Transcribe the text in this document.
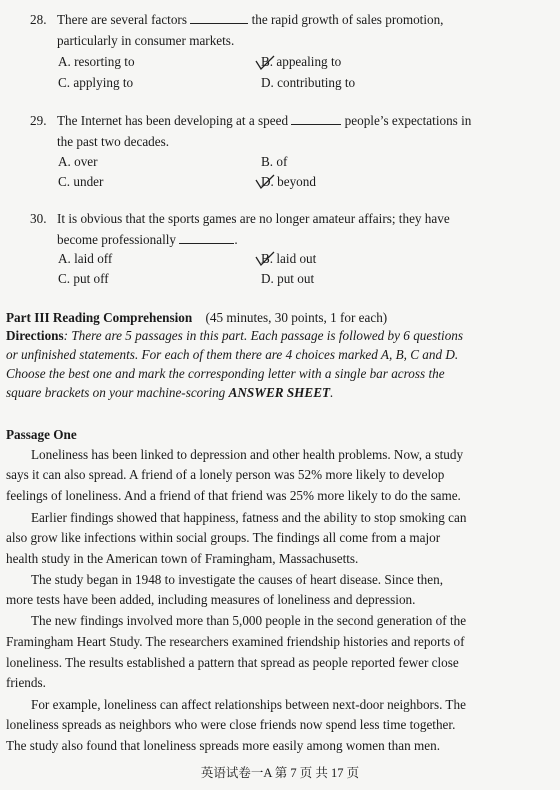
28. There are several factors	the rapid growth of sales promotion,
particularly in consumer markets.
A. resorting to	B. appealing to
C. applying to	D. contributing to
29. The Internet has been developing at a speed	people’s expectations in
the past two decades.
A. over	B. of
C. under	D. beyond
30. It is obvious that the sports games are no longer amateur affairs; they have
become professionally	.
A. laid off	B. laid out
C. put off	D. put out
Part III Reading Comprehension (45 minutes, 30 points, 1 for each)
Directions: There are 5 passages in this part. Each passage is followed by 6 questions
or unfinished statements. For each of them there are 4 choices marked A, B, C and D.
Choose the best one and mark the corresponding letter with a single bar across the
square brackets on your machine-scoring ANSWER SHEET.
Passage One
Loneliness has been linked to depression and other health problems. Now, a study
says it can also spread. A friend of a lonely person was 52% more likely to develop
feelings of loneliness. And a friend of that friend was 25% more likely to do the same.
Earlier findings showed that happiness, fatness and the ability to stop smoking can
also grow like infections within social groups. The findings all come from a major
health study in the American town of Framingham, Massachusetts.
The study began in 1948 to investigate the causes of heart disease. Since then,
more tests have been added, including measures of loneliness and depression.
The new findings involved more than 5,000 people in the second generation of the
Framingham Heart Study. The researchers examined friendship histories and reports of
loneliness. The results established a pattern that spread as people reported fewer close
friends.
For example, loneliness can affect relationships between next-door neighbors. The
loneliness spreads as neighbors who were close friends now spend less time together.
The study also found that loneliness spreads more easily among women than men.
英语试卷一A 第 7 页 共 17 页
